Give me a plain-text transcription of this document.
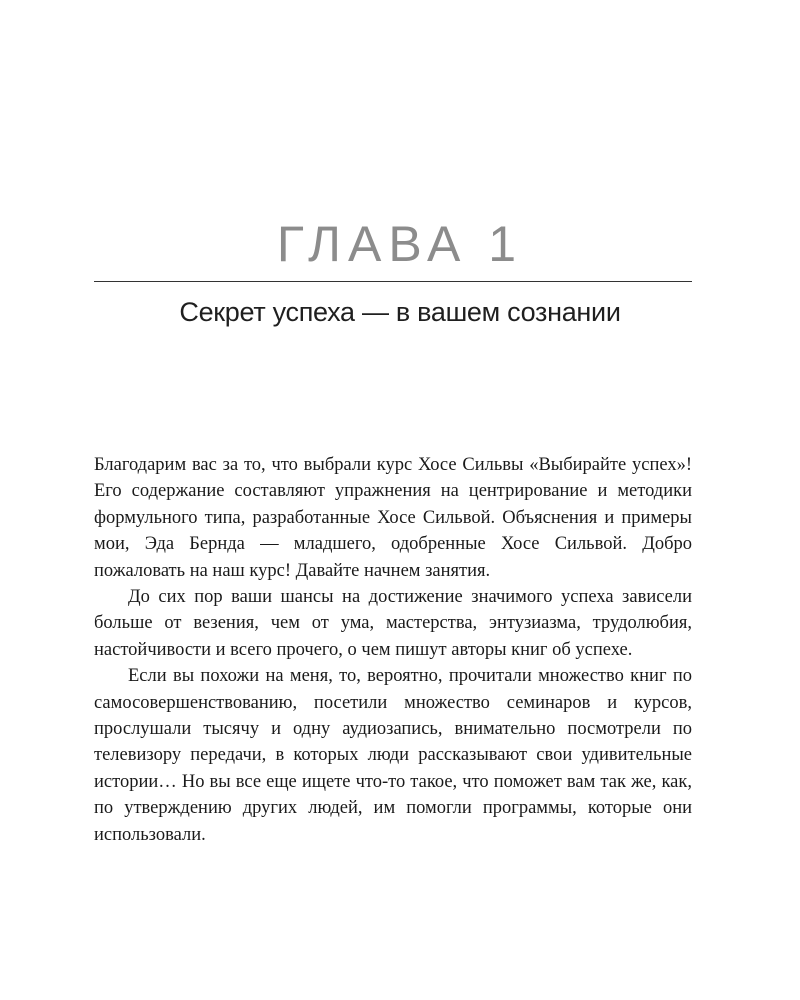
ГЛАВА 1
Секрет успеха — в вашем сознании

Благодарим вас за то, что выбрали курс Хосе Сильвы «Выбирайте успех»! Его содержание составляют упражнения на центрирование и методики формульного типа, разработанные Хосе Сильвой. Объяснения и примеры мои, Эда Бернда — младшего, одобренные Хосе Сильвой. Добро пожаловать на наш курс! Давайте начнем занятия.

До сих пор ваши шансы на достижение значимого успеха зависели больше от везения, чем от ума, мастерства, энтузиазма, трудолюбия, настойчивости и всего прочего, о чем пишут авторы книг об успехе.

Если вы похожи на меня, то, вероятно, прочитали множество книг по самосовершенствованию, посетили множество семинаров и курсов, прослушали тысячу и одну аудиозапись, внимательно посмотрели по телевизору передачи, в которых люди рассказывают свои удивительные истории… Но вы все еще ищете что-то такое, что поможет вам так же, как, по утверждению других людей, им помогли программы, которые они использовали.
